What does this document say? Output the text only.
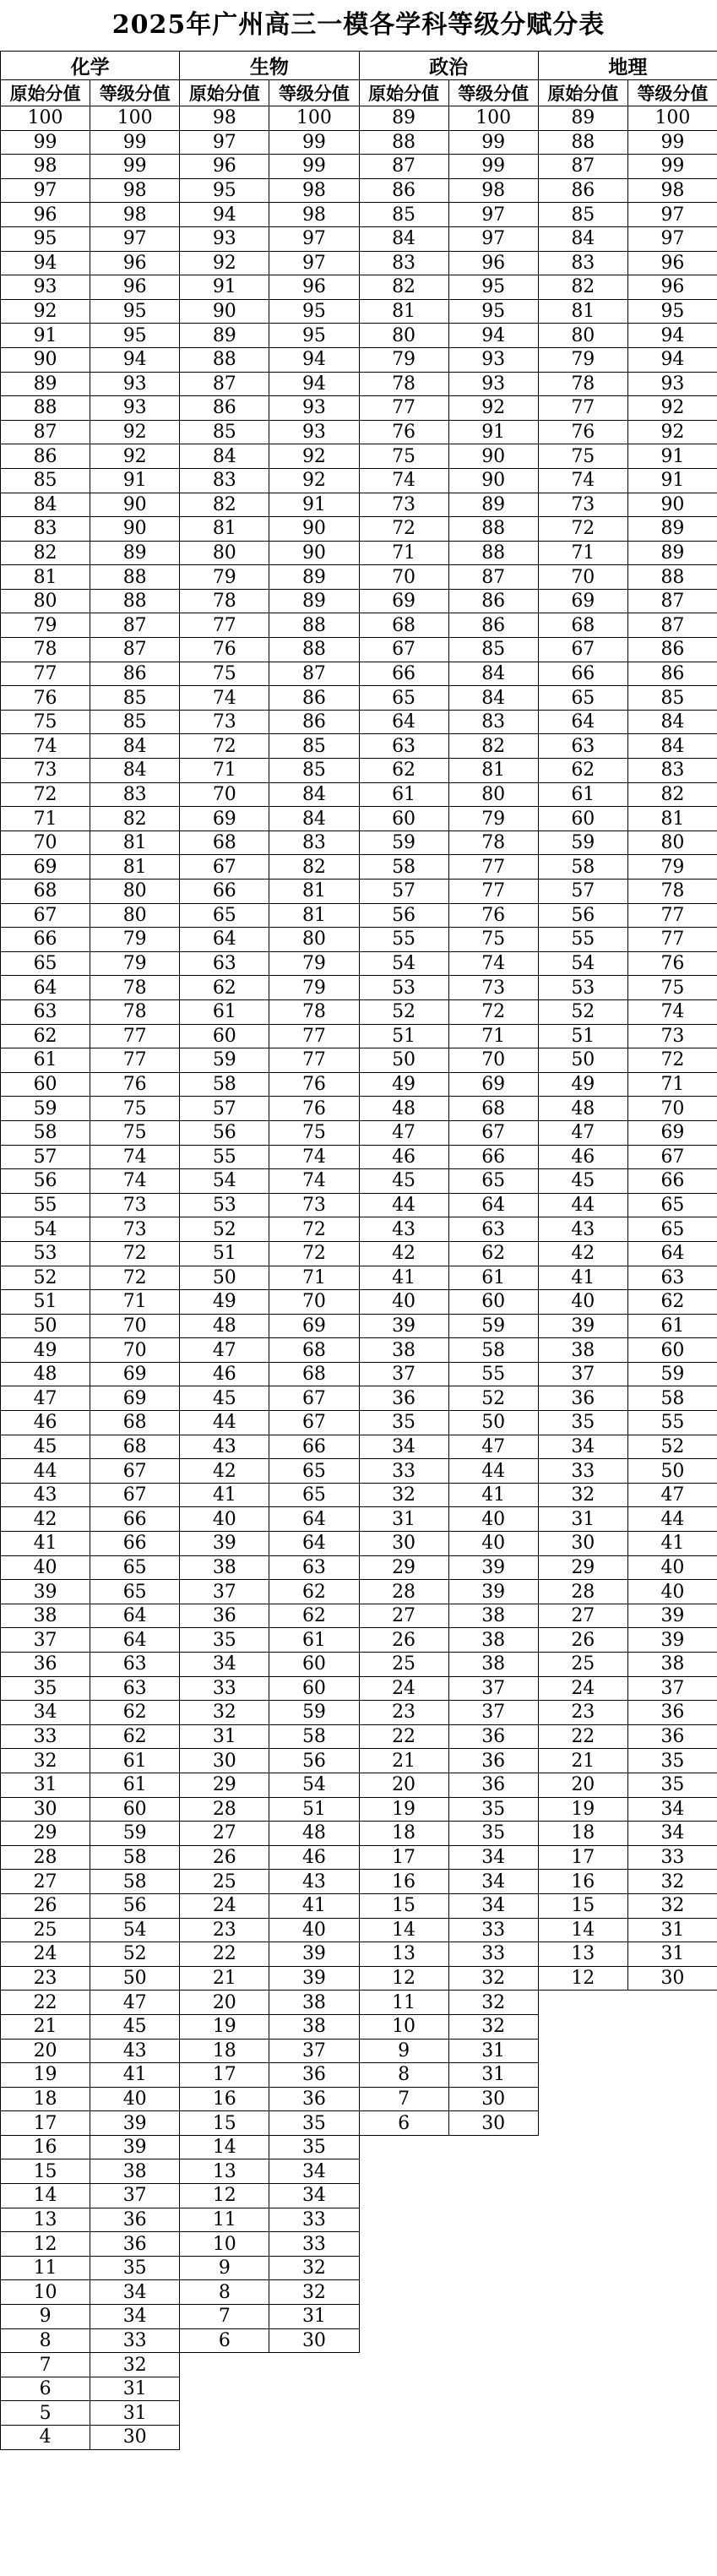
2025年广州高三一模各学科等级分赋分表
化学		生物		政治		地理	
原始分值	等级分值	原始分值	等级分值	原始分值	等级分值	原始分值	等级分值
100	100	98	100	89	100	89	100
99	99	97	99	88	99	88	99
98	99	96	99	87	99	87	99
97	98	95	98	86	98	86	98
96	98	94	98	85	97	85	97
95	97	93	97	84	97	84	97
94	96	92	97	83	96	83	96
93	96	91	96	82	95	82	96
92	95	90	95	81	95	81	95
91	95	89	95	80	94	80	94
90	94	88	94	79	93	79	94
89	93	87	94	78	93	78	93
88	93	86	93	77	92	77	92
87	92	85	93	76	91	76	92
86	92	84	92	75	90	75	91
85	91	83	92	74	90	74	91
84	90	82	91	73	89	73	90
83	90	81	90	72	88	72	89
82	89	80	90	71	88	71	89
81	88	79	89	70	87	70	88
80	88	78	89	69	86	69	87
79	87	77	88	68	86	68	87
78	87	76	88	67	85	67	86
77	86	75	87	66	84	66	86
76	85	74	86	65	84	65	85
75	85	73	86	64	83	64	84
74	84	72	85	63	82	63	84
73	84	71	85	62	81	62	83
72	83	70	84	61	80	61	82
71	82	69	84	60	79	60	81
70	81	68	83	59	78	59	80
69	81	67	82	58	77	58	79
68	80	66	81	57	77	57	78
67	80	65	81	56	76	56	77
66	79	64	80	55	75	55	77
65	79	63	79	54	74	54	76
64	78	62	79	53	73	53	75
63	78	61	78	52	72	52	74
62	77	60	77	51	71	51	73
61	77	59	77	50	70	50	72
60	76	58	76	49	69	49	71
59	75	57	76	48	68	48	70
58	75	56	75	47	67	47	69
57	74	55	74	46	66	46	67
56	74	54	74	45	65	45	66
55	73	53	73	44	64	44	65
54	73	52	72	43	63	43	65
53	72	51	72	42	62	42	64
52	72	50	71	41	61	41	63
51	71	49	70	40	60	40	62
50	70	48	69	39	59	39	61
49	70	47	68	38	58	38	60
48	69	46	68	37	55	37	59
47	69	45	67	36	52	36	58
46	68	44	67	35	50	35	55
45	68	43	66	34	47	34	52
44	67	42	65	33	44	33	50
43	67	41	65	32	41	32	47
42	66	40	64	31	40	31	44
41	66	39	64	30	40	30	41
40	65	38	63	29	39	29	40
39	65	37	62	28	39	28	40
38	64	36	62	27	38	27	39
37	64	35	61	26	38	26	39
36	63	34	60	25	38	25	38
35	63	33	60	24	37	24	37
34	62	32	59	23	37	23	36
33	62	31	58	22	36	22	36
32	61	30	56	21	36	21	35
31	61	29	54	20	36	20	35
30	60	28	51	19	35	19	34
29	59	27	48	18	35	18	34
28	58	26	46	17	34	17	33
27	58	25	43	16	34	16	32
26	56	24	41	15	34	15	32
25	54	23	40	14	33	14	31
24	52	22	39	13	33	13	31
23	50	21	39	12	32	12	30
22	47	20	38	11	32		
21	45	19	38	10	32		
20	43	18	37	9	31		
19	41	17	36	8	31		
18	40	16	36	7	30		
17	39	15	35	6	30		
16	39	14	35				
15	38	13	34				
14	37	12	34				
13	36	11	33				
12	36	10	33				
11	35	9	32				
10	34	8	32				
9	34	7	31				
8	33	6	30				
7	32						
6	31						
5	31						
4	30						
